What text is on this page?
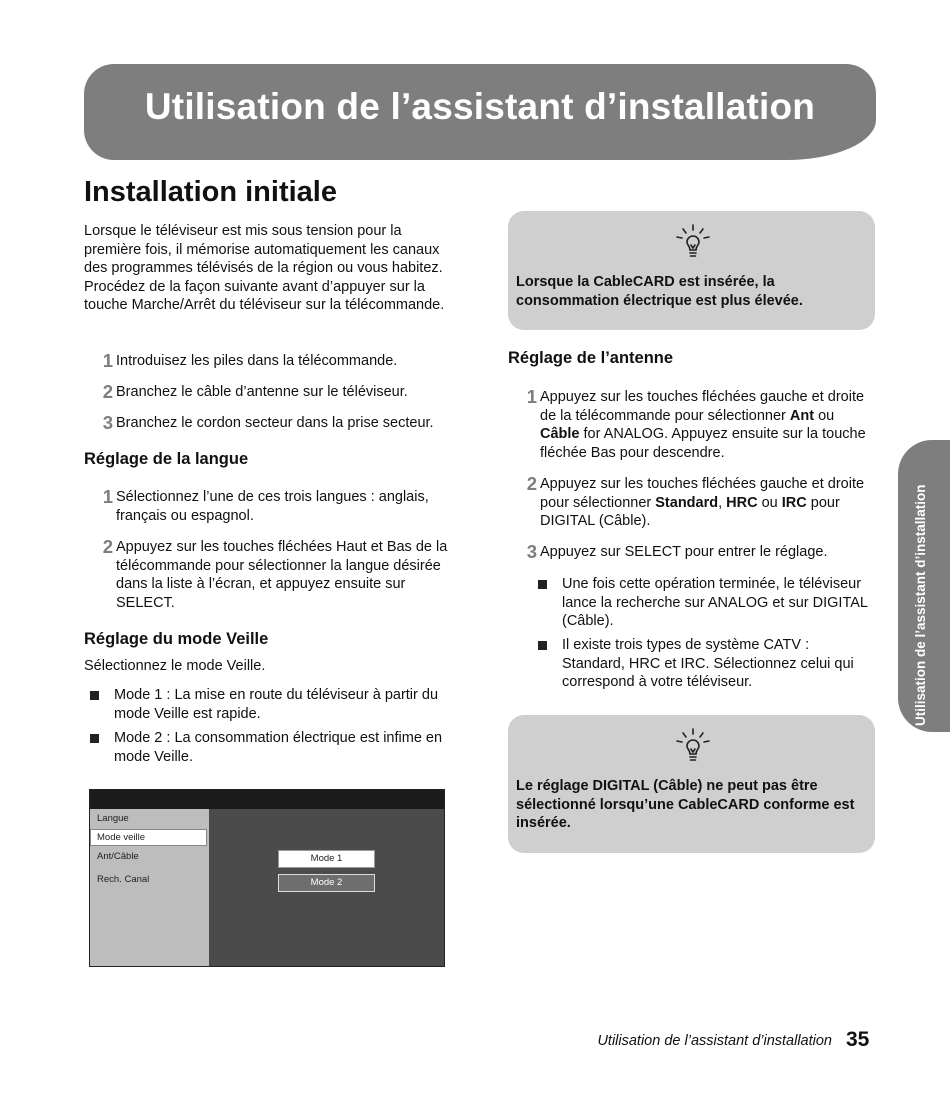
Utilisation de l’assistant d’installation
Utilisation de l’assistant d’installation
Installation initiale
Lorsque le téléviseur est mis sous tension pour la première fois, il mémorise automatiquement les canaux des programmes télévisés de la région ou vous habitez. Procédez de la façon suivante avant d’appuyer sur la touche Marche/Arrêt du téléviseur sur la télécommande.
1 Introduisez les piles dans la télécommande.
2 Branchez le câble d’antenne sur le téléviseur.
3 Branchez le cordon secteur dans la prise secteur.
Réglage de la langue
1 Sélectionnez l’une de ces trois langues : anglais, français ou espagnol.
2 Appuyez sur les touches fléchées Haut et Bas de la télécommande pour sélectionner la langue désirée dans la liste à l’écran, et appuyez ensuite sur SELECT.
Réglage du mode Veille
Sélectionnez le mode Veille.
Mode 1 : La mise en route du téléviseur à partir du mode Veille est rapide.
Mode 2 : La consommation électrique est infime en mode Veille.
Langue
Mode veille
Ant/Câble
Rech. Canal
Mode 1
Mode 2
Lorsque la CableCARD est insérée, la consommation électrique est plus élevée.
Réglage de l’antenne
1 Appuyez sur les touches fléchées gauche et droite de la télécommande pour sélectionner Ant ou Câble for ANALOG. Appuyez ensuite sur la touche fléchée Bas pour descendre.
2 Appuyez sur les touches fléchées gauche et droite pour sélectionner Standard, HRC ou IRC pour DIGITAL (Câble).
3 Appuyez sur SELECT pour entrer le réglage.
Une fois cette opération terminée, le téléviseur lance la recherche sur ANALOG et sur DIGITAL (Câble).
Il existe trois types de système CATV : Standard, HRC et IRC. Sélectionnez celui qui correspond à votre téléviseur.
Le réglage DIGITAL (Câble) ne peut pas être sélectionné lorsqu’une CableCARD conforme est insérée.
Utilisation de l’assistant d’installation 35
